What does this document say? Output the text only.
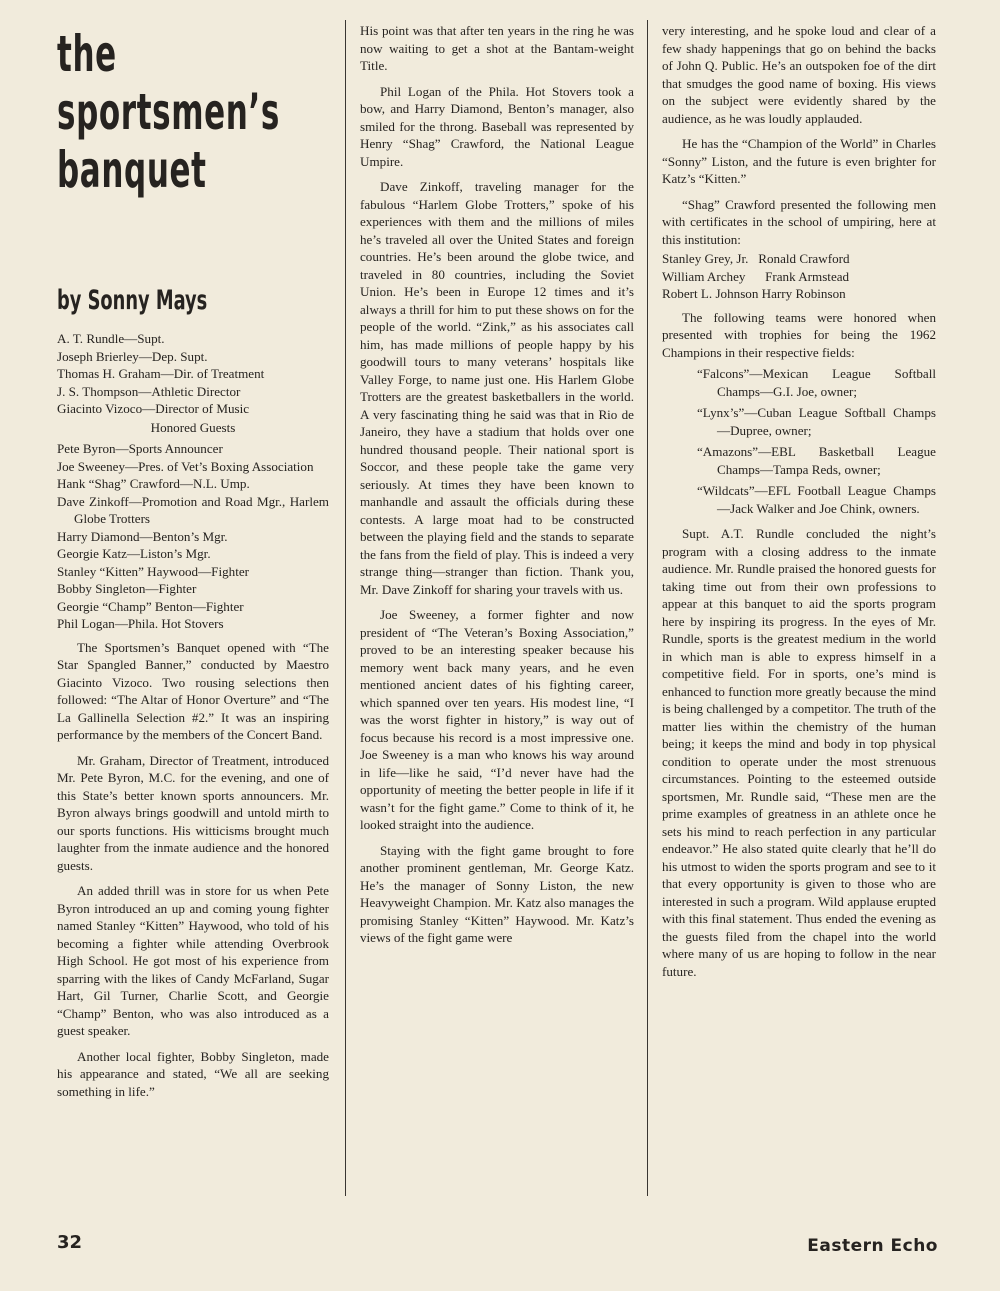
the
sportsmen’s
banquet
by Sonny Mays
A. T. Rundle—Supt.
Joseph Brierley—Dep. Supt.
Thomas H. Graham—Dir. of Treatment
J. S. Thompson—Athletic Director
Giacinto Vizoco—Director of Music
Honored Guests
Pete Byron—Sports Announcer
Joe Sweeney—Pres. of Vet’s Boxing Association
Hank “Shag” Crawford—N.L. Ump.
Dave Zinkoff—Promotion and Road Mgr., Harlem Globe Trotters
Harry Diamond—Benton’s Mgr.
Georgie Katz—Liston’s Mgr.
Stanley “Kitten” Haywood—Fighter
Bobby Singleton—Fighter
Georgie “Champ” Benton—Fighter
Phil Logan—Phila. Hot Stovers

The Sportsmen’s Banquet opened with “The Star Spangled Banner,” conducted by Maestro Giacinto Vizoco. Two rousing selections then followed: “The Altar of Honor Overture” and “The La Gallinella Selection #2.” It was an inspiring performance by the members of the Concert Band.

Mr. Graham, Director of Treatment, introduced Mr. Pete Byron, M.C. for the evening, and one of this State’s better known sports announcers. Mr. Byron always brings goodwill and untold mirth to our sports functions. His witticisms brought much laughter from the inmate audience and the honored guests.

An added thrill was in store for us when Pete Byron introduced an up and coming young fighter named Stanley “Kitten” Haywood, who told of his becoming a fighter while attending Overbrook High School. He got most of his experience from sparring with the likes of Candy McFarland, Sugar Hart, Gil Turner, Charlie Scott, and Georgie “Champ” Benton, who was also introduced as a guest speaker.

Another local fighter, Bobby Singleton, made his appearance and stated, “We all are seeking something in life.”

His point was that after ten years in the ring he was now waiting to get a shot at the Bantam-weight Title.

Phil Logan of the Phila. Hot Stovers took a bow, and Harry Diamond, Benton’s manager, also smiled for the throng. Baseball was represented by Henry “Shag” Crawford, the National League Umpire.

Dave Zinkoff, traveling manager for the fabulous “Harlem Globe Trotters,” spoke of his experiences with them and the millions of miles he’s traveled all over the United States and foreign countries. He’s been around the globe twice, and traveled in 80 countries, including the Soviet Union. He’s been in Europe 12 times and it’s always a thrill for him to put these shows on for the people of the world. “Zink,” as his associates call him, has made millions of people happy by his goodwill tours to many veterans’ hospitals like Valley Forge, to name just one. His Harlem Globe Trotters are the greatest basketballers in the world. A very fascinating thing he said was that in Rio de Janeiro, they have a stadium that holds over one hundred thousand people. Their national sport is Soccor, and these people take the game very seriously. At times they have been known to manhandle and assault the officials during these contests. A large moat had to be constructed between the playing field and the stands to separate the fans from the field of play. This is indeed a very strange thing—stranger than fiction. Thank you, Mr. Dave Zinkoff for sharing your travels with us.

Joe Sweeney, a former fighter and now president of “The Veteran’s Boxing Association,” proved to be an interesting speaker because his memory went back many years, and he even mentioned ancient dates of his fighting career, which spanned over ten years. His modest line, “I was the worst fighter in history,” is way out of focus because his record is a most impressive one. Joe Sweeney is a man who knows his way around in life—like he said, “I’d never have had the opportunity of meeting the better people in life if it wasn’t for the fight game.” Come to think of it, he looked straight into the audience.

Staying with the fight game brought to fore another prominent gentleman, Mr. George Katz. He’s the manager of Sonny Liston, the new Heavyweight Champion. Mr. Katz also manages the promising Stanley “Kitten” Haywood. Mr. Katz’s views of the fight game were

very interesting, and he spoke loud and clear of a few shady happenings that go on behind the backs of John Q. Public. He’s an outspoken foe of the dirt that smudges the good name of boxing. His views on the subject were evidently shared by the audience, as he was loudly applauded.

He has the “Champion of the World” in Charles “Sonny” Liston, and the future is even brighter for Katz’s “Kitten.”

“Shag” Crawford presented the following men with certificates in the school of umpiring, here at this institution:

Stanley Grey, Jr.   Ronald Crawford
William Archey      Frank Armstead
Robert L. Johnson Harry Robinson

The following teams were honored when presented with trophies for being the 1962 Champions in their respective fields:

“Falcons”—Mexican League Softball Champs—G.I. Joe, owner;
“Lynx’s”—Cuban League Softball Champs—Dupree, owner;
“Amazons”—EBL Basketball League Champs—Tampa Reds, owner;
“Wildcats”—EFL Football League Champs—Jack Walker and Joe Chink, owners.

Supt. A.T. Rundle concluded the night’s program with a closing address to the inmate audience. Mr. Rundle praised the honored guests for taking time out from their own professions to appear at this banquet to aid the sports program here by inspiring its progress. In the eyes of Mr. Rundle, sports is the greatest medium in the world in which man is able to express himself in a competitive field. For in sports, one’s mind is enhanced to function more greatly because the mind is being challenged by a competitor. The truth of the matter lies within the chemistry of the human being; it keeps the mind and body in top physical condition to operate under the most strenuous circumstances. Pointing to the esteemed outside sportsmen, Mr. Rundle said, “These men are the prime examples of greatness in an athlete once he sets his mind to reach perfection in any particular endeavor.” He also stated quite clearly that he’ll do his utmost to widen the sports program and see to it that every opportunity is given to those who are interested in such a program. Wild applause erupted with this final statement. Thus ended the evening as the guests filed from the chapel into the world where many of us are hoping to follow in the near future.

32	Eastern Echo
